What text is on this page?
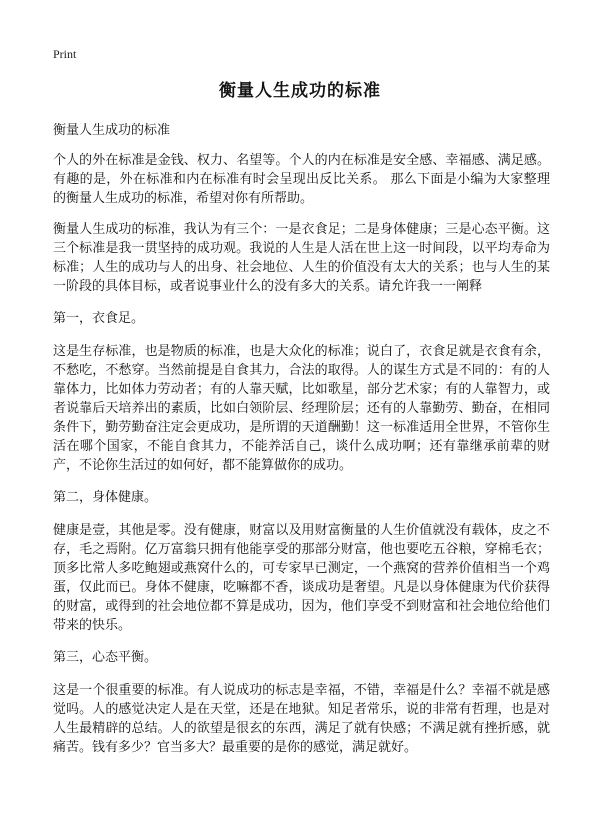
Print
衡量人生成功的标准

衡量人生成功的标准

个人的外在标准是金钱、权力、名望等。个人的内在标准是安全感、幸福感、满足感。有趣的是，外在标准和内在标准有时会呈现出反比关系。 那么下面是小编为大家整理的衡量人生成功的标准，希望对你有所帮助。

衡量人生成功的标准，我认为有三个：一是衣食足；二是身体健康；三是心态平衡。这三个标准是我一贯坚持的成功观。我说的人生是人活在世上这一时间段，以平均寿命为标准；人生的成功与人的出身、社会地位、人生的价值没有太大的关系；也与人生的某一阶段的具体目标，或者说事业什么的没有多大的关系。请允许我一一阐释

第一，衣食足。

这是生存标准，也是物质的标准，也是大众化的标准；说白了，衣食足就是衣食有余，不愁吃，不愁穿。当然前提是自食其力，合法的取得。人的谋生方式是不同的：有的人靠体力，比如体力劳动者；有的人靠天赋，比如歌星，部分艺术家；有的人靠智力，或者说靠后天培养出的素质，比如白领阶层、经理阶层；还有的人靠勤劳、勤奋，在相同条件下，勤劳勤奋注定会更成功，是所谓的天道酬勤！这一标准适用全世界，不管你生活在哪个国家，不能自食其力，不能养活自己，谈什么成功啊；还有靠继承前辈的财产，不论你生活过的如何好，都不能算做你的成功。

第二，身体健康。

健康是壹，其他是零。没有健康，财富以及用财富衡量的人生价值就没有载体，皮之不存，毛之焉附。亿万富翁只拥有他能享受的那部分财富，他也要吃五谷粮，穿棉毛衣；顶多比常人多吃鲍翅或燕窝什么的，可专家早已测定，一个燕窝的营养价值相当一个鸡蛋，仅此而已。身体不健康，吃嘛都不香，谈成功是奢望。凡是以身体健康为代价获得的财富，或得到的社会地位都不算是成功，因为，他们享受不到财富和社会地位给他们带来的快乐。

第三，心态平衡。

这是一个很重要的标准。有人说成功的标志是幸福，不错，幸福是什么？幸福不就是感觉吗。人的感觉决定人是在天堂，还是在地狱。知足者常乐，说的非常有哲理，也是对人生最精辟的总结。人的欲望是很玄的东西，满足了就有快感；不满足就有挫折感，就痛苦。钱有多少？官当多大？最重要的是你的感觉，满足就好。
